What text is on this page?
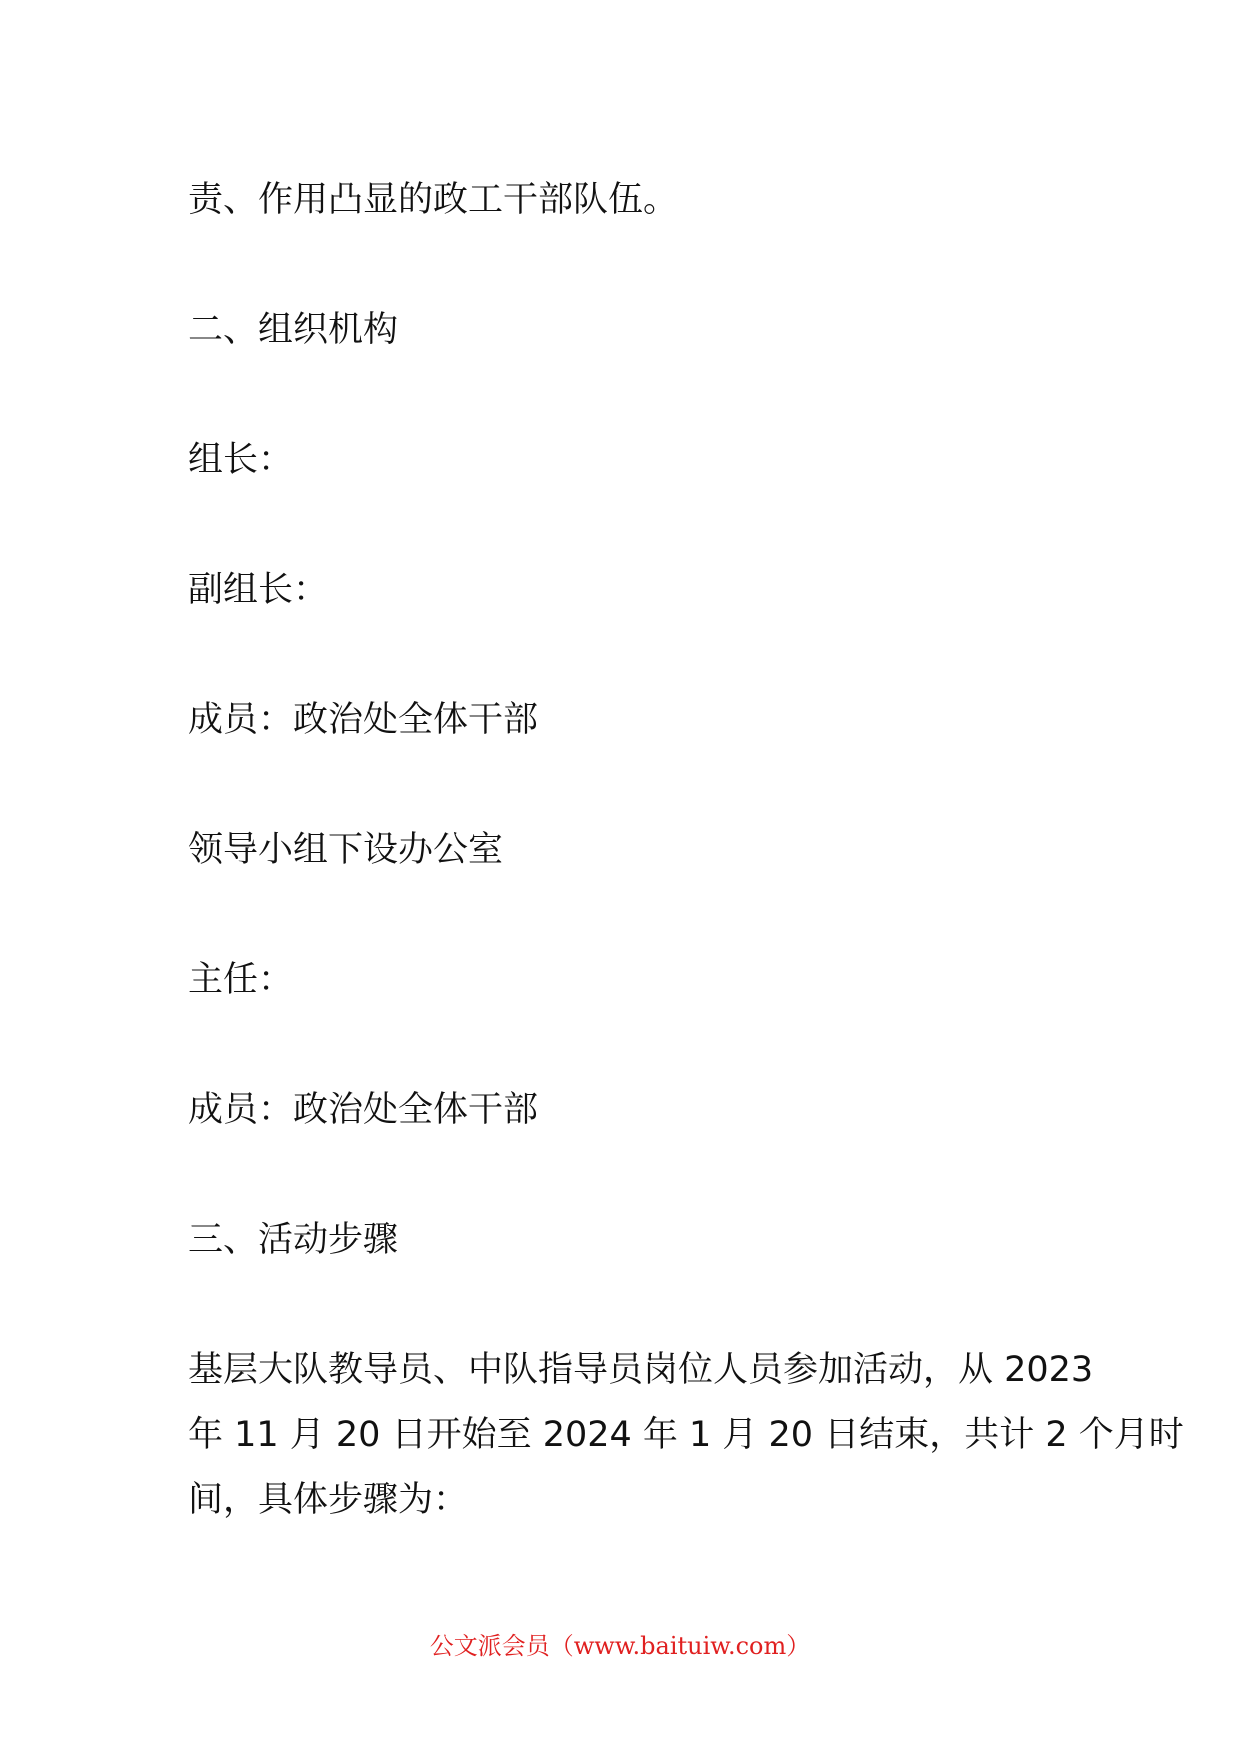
责、作用凸显的政工干部队伍。
二、组织机构
组长：
副组长：
成员：政治处全体干部
领导小组下设办公室
主任：
成员：政治处全体干部
三、活动步骤
基层大队教导员、中队指导员岗位人员参加活动，从 2023
年 11 月 20 日开始至 2024 年 1 月 20 日结束，共计 2 个月时
间，具体步骤为：
公文派会员（www.baituiw.com）
